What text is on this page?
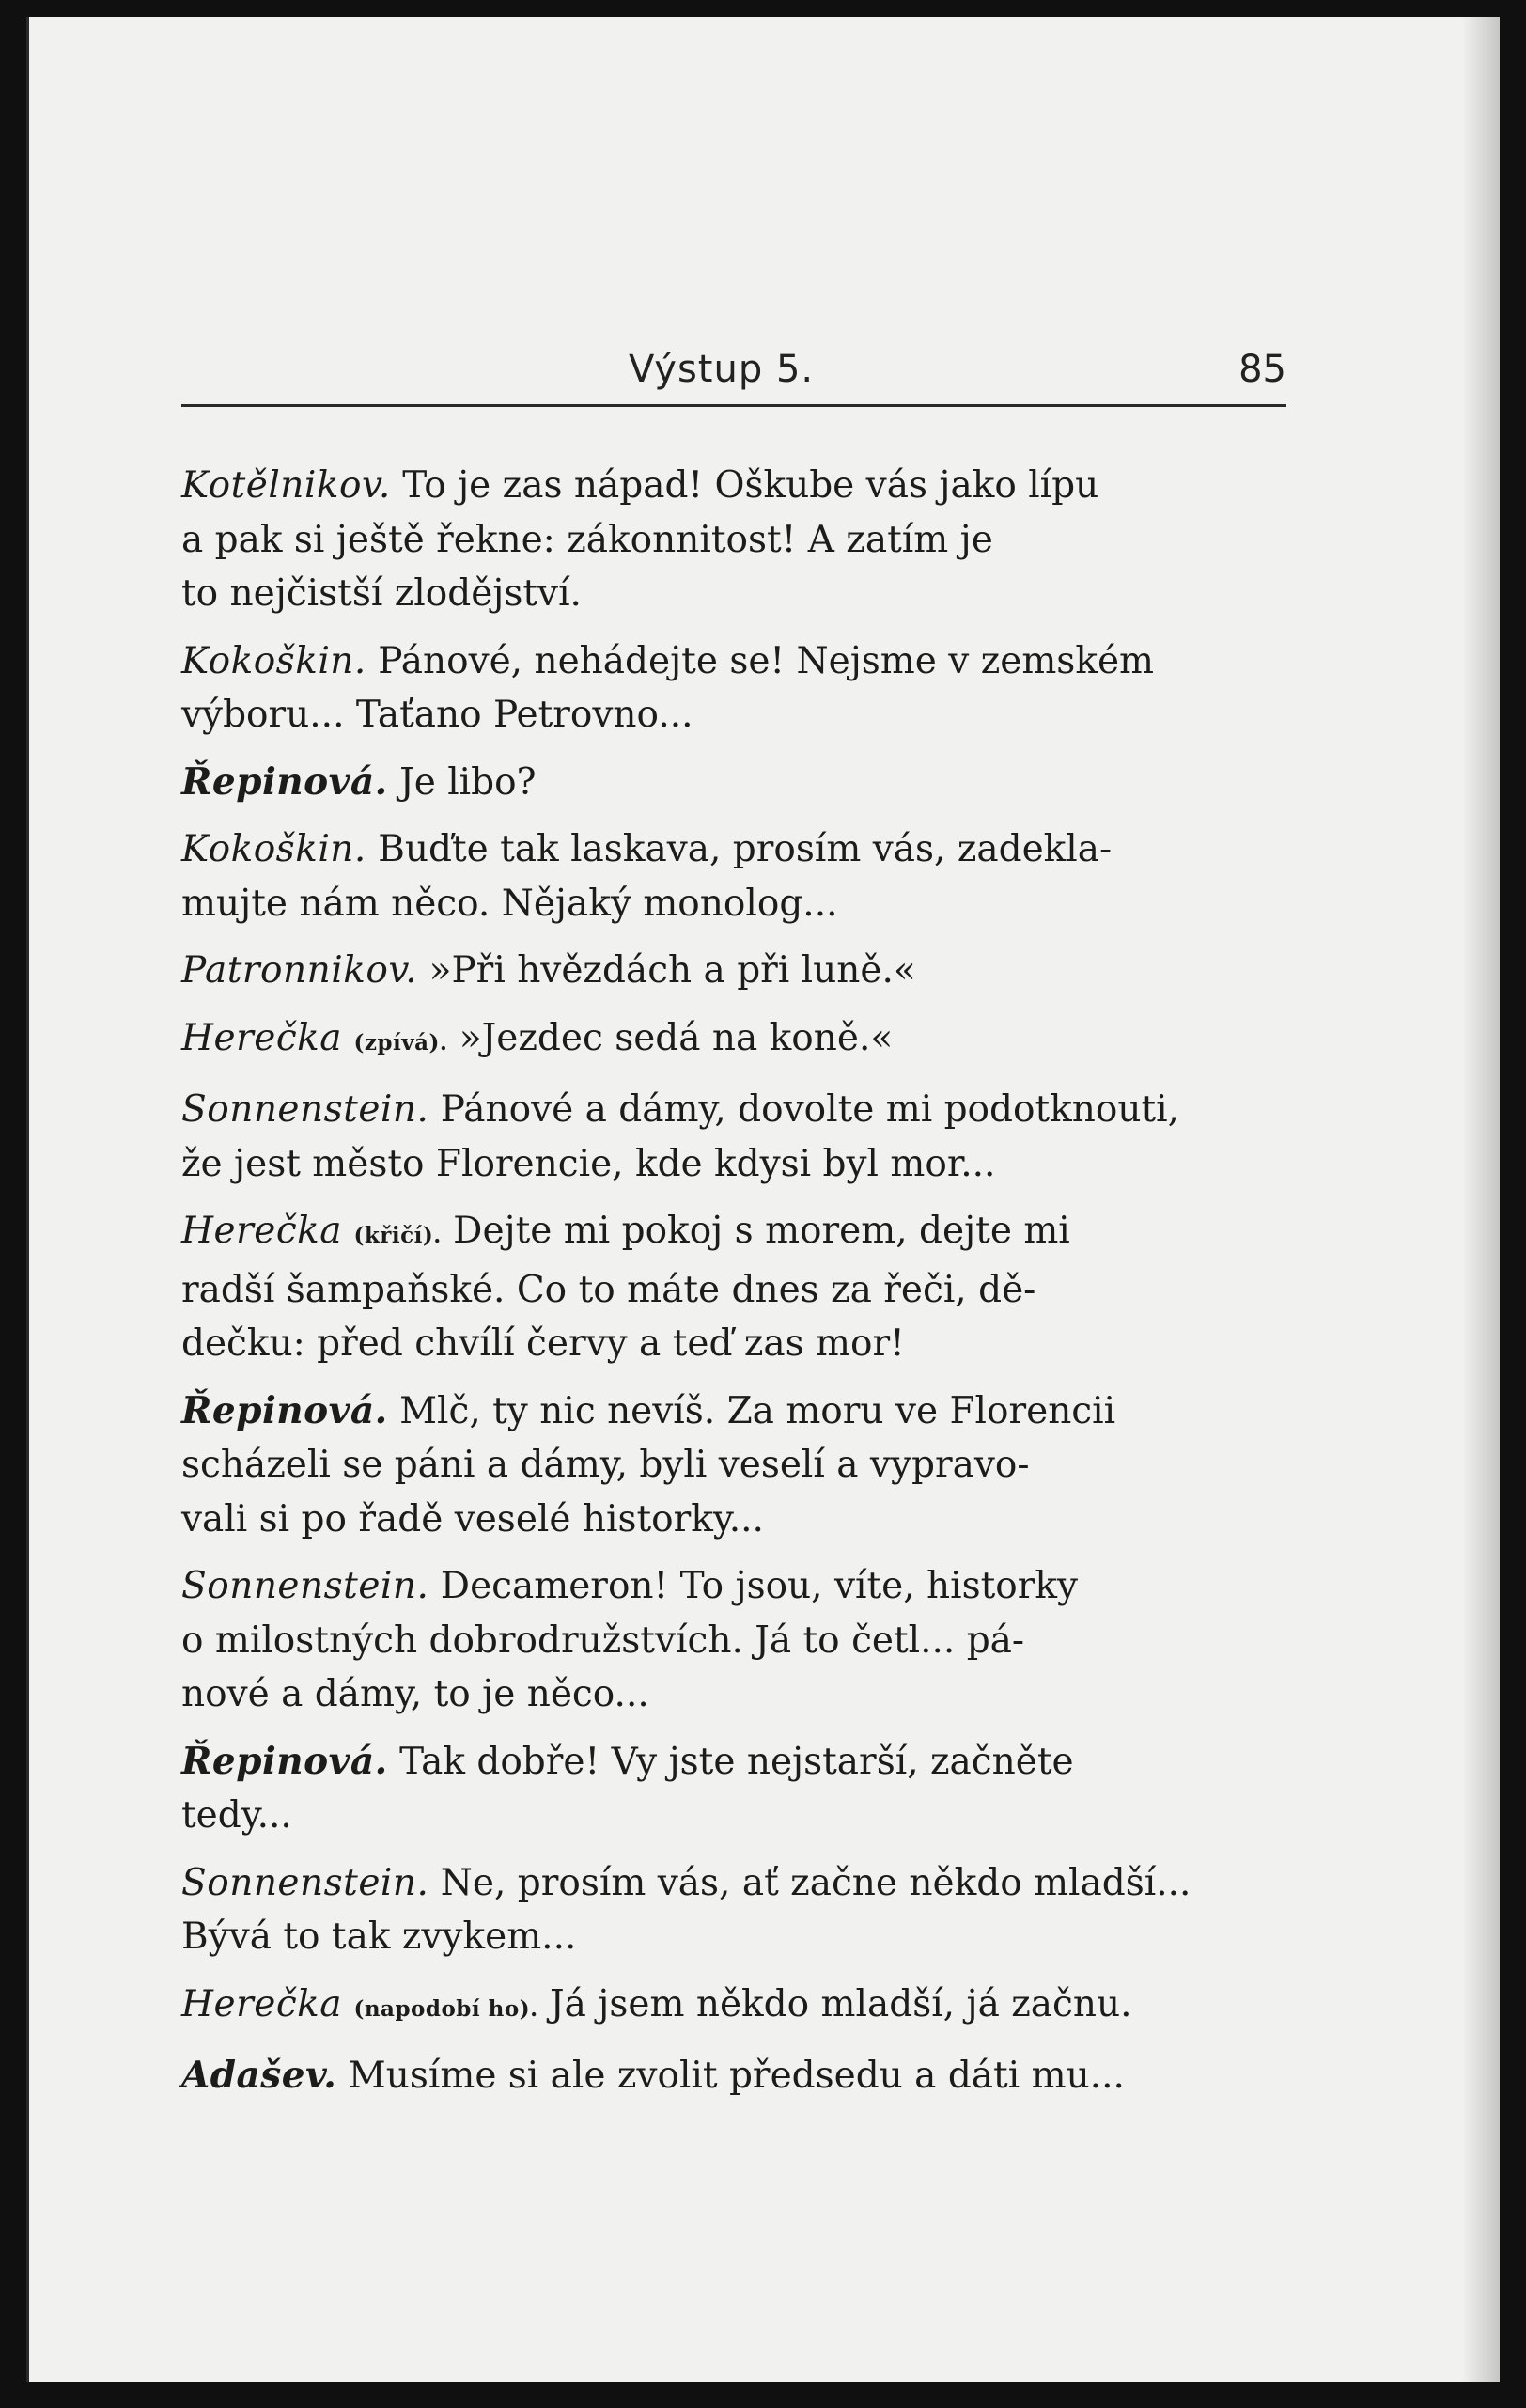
Výstup 5.	85

Kotělnikov. To je zas nápad! Oškube vás jako lípu
a pak si ještě řekne: zákonnitost! A zatím je
to nejčistší zlodějství.

Kokoškin. Pánové, nehádejte se! Nejsme v zemském
výboru... Taťano Petrovno...

Řepinová. Je libo?

Kokoškin. Buďte tak laskava, prosím vás, zadekla-
mujte nám něco. Nějaký monolog...

Patronnikov. »Při hvězdách a při luně.«

Herečka (zpívá). »Jezdec sedá na koně.«

Sonnenstein. Pánové a dámy, dovolte mi podotknouti,
že jest město Florencie, kde kdysi byl mor...

Herečka (křičí). Dejte mi pokoj s morem, dejte mi
radší šampaňské. Co to máte dnes za řeči, dě-
dečku: před chvílí červy a teď zas mor!

Řepinová. Mlč, ty nic nevíš. Za moru ve Florencii
scházeli se páni a dámy, byli veselí a vypravo-
vali si po řadě veselé historky...

Sonnenstein. Decameron! To jsou, víte, historky
o milostných dobrodružstvích. Já to četl... pá-
nové a dámy, to je něco...

Řepinová. Tak dobře! Vy jste nejstarší, začněte
tedy...

Sonnenstein. Ne, prosím vás, ať začne někdo mladší...
Bývá to tak zvykem...

Herečka (napodobí ho). Já jsem někdo mladší, já začnu.

Adašev. Musíme si ale zvolit předsedu a dáti mu...
